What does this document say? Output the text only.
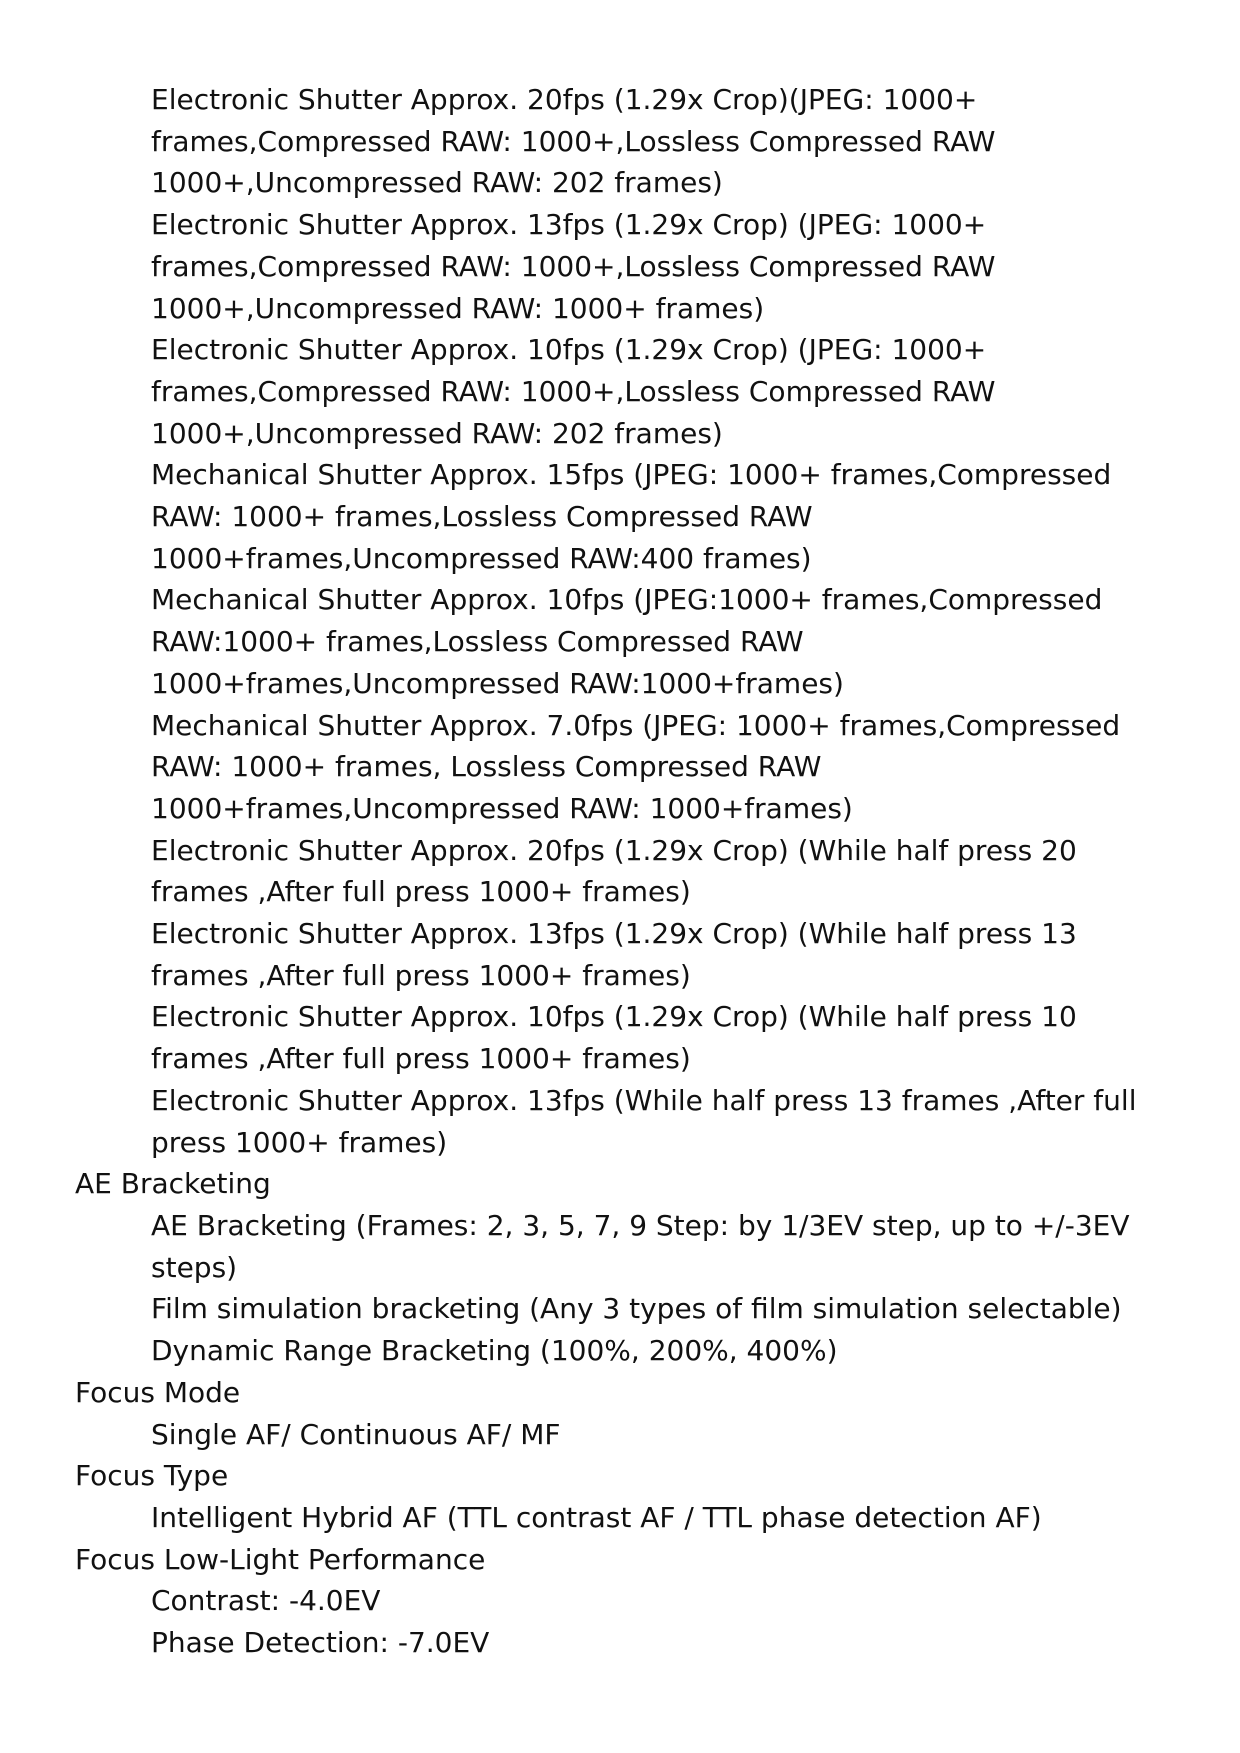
Electronic Shutter Approx. 20fps (1.29x Crop)(JPEG: 1000+

frames,Compressed RAW: 1000+,Lossless Compressed RAW

1000+,Uncompressed RAW: 202 frames)

Electronic Shutter Approx. 13fps (1.29x Crop) (JPEG: 1000+

frames,Compressed RAW: 1000+,Lossless Compressed RAW

1000+,Uncompressed RAW: 1000+ frames)

Electronic Shutter Approx. 10fps (1.29x Crop) (JPEG: 1000+

frames,Compressed RAW: 1000+,Lossless Compressed RAW

1000+,Uncompressed RAW: 202 frames)

Mechanical Shutter Approx. 15fps (JPEG: 1000+ frames,Compressed

RAW: 1000+ frames,Lossless Compressed RAW

1000+frames,Uncompressed RAW:400 frames)

Mechanical Shutter Approx. 10fps (JPEG:1000+ frames,Compressed

RAW:1000+ frames,Lossless Compressed RAW

1000+frames,Uncompressed RAW:1000+frames)

Mechanical Shutter Approx. 7.0fps (JPEG: 1000+ frames,Compressed

RAW: 1000+ frames, Lossless Compressed RAW

1000+frames,Uncompressed RAW: 1000+frames)

Electronic Shutter Approx. 20fps (1.29x Crop) (While half press 20

frames ,After full press 1000+ frames)

Electronic Shutter Approx. 13fps (1.29x Crop) (While half press 13

frames ,After full press 1000+ frames)

Electronic Shutter Approx. 10fps (1.29x Crop) (While half press 10

frames ,After full press 1000+ frames)

Electronic Shutter Approx. 13fps (While half press 13 frames ,After full

press 1000+ frames)

AE Bracketing

AE Bracketing (Frames: 2, 3, 5, 7, 9 Step: by 1/3EV step, up to +/-3EV

steps)

Film simulation bracketing (Any 3 types of film simulation selectable)

Dynamic Range Bracketing (100%, 200%, 400%)

Focus Mode

Single AF/ Continuous AF/ MF

Focus Type

Intelligent Hybrid AF (TTL contrast AF / TTL phase detection AF)

Focus Low-Light Performance

Contrast: -4.0EV

Phase Detection: -7.0EV
